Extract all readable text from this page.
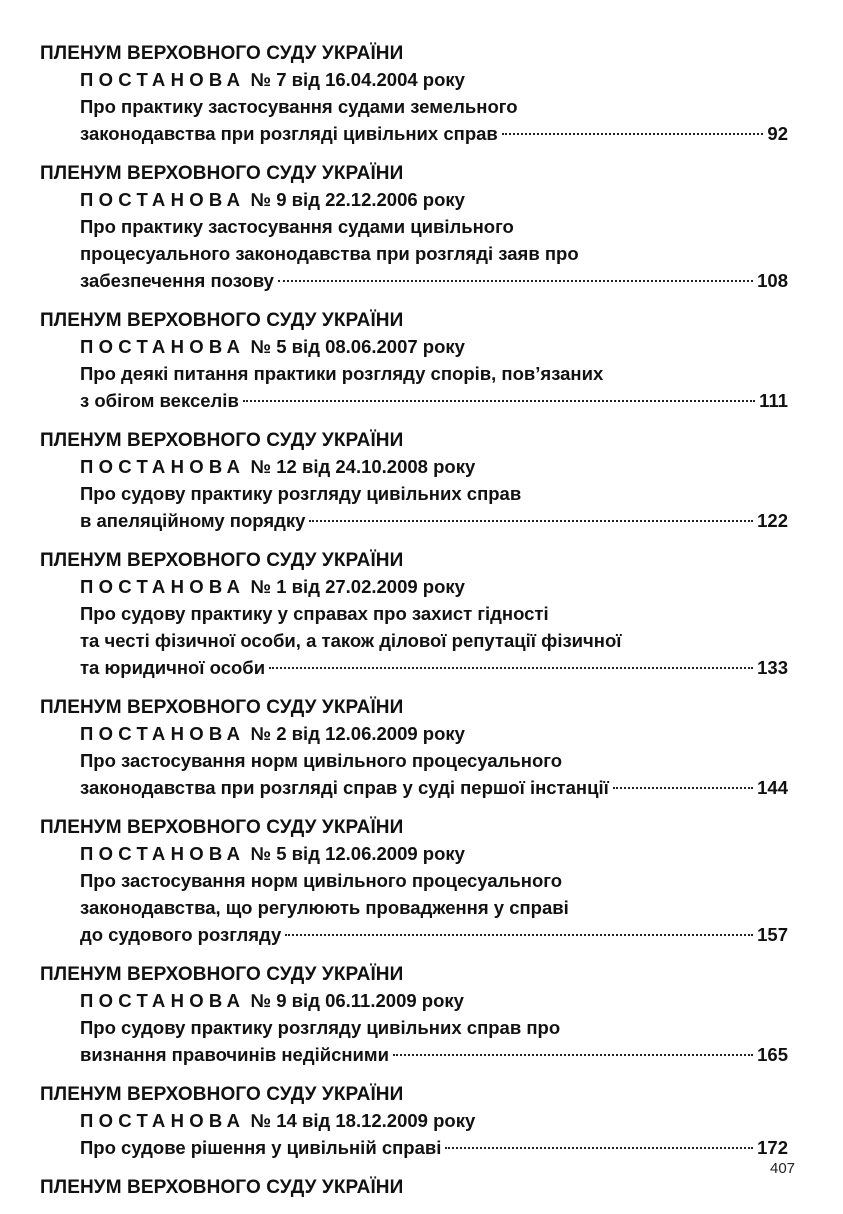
ПЛЕНУМ ВЕРХОВНОГО СУДУ УКРАЇНИ
ПОСТАНОВА № 7 від 16.04.2004 року
Про практику застосування судами земельного
законодавства при розгляді цивільних справ	92
ПЛЕНУМ ВЕРХОВНОГО СУДУ УКРАЇНИ
ПОСТАНОВА № 9 від 22.12.2006 року
Про практику застосування судами цивільного
процесуального законодавства при розгляді заяв про
забезпечення позову	108
ПЛЕНУМ ВЕРХОВНОГО СУДУ УКРАЇНИ
ПОСТАНОВА № 5 від 08.06.2007 року
Про деякі питання практики розгляду спорів, пов’язаних
з обігом векселів	111
ПЛЕНУМ ВЕРХОВНОГО СУДУ УКРАЇНИ
ПОСТАНОВА № 12 від 24.10.2008 року
Про судову практику розгляду цивільних справ
в апеляційному порядку	122
ПЛЕНУМ ВЕРХОВНОГО СУДУ УКРАЇНИ
ПОСТАНОВА № 1 від 27.02.2009 року
Про судову практику у справах про захист гідності
та честі фізичної особи, а також ділової репутації фізичної
та юридичної особи	133
ПЛЕНУМ ВЕРХОВНОГО СУДУ УКРАЇНИ
ПОСТАНОВА № 2 від 12.06.2009 року
Про застосування норм цивільного процесуального
законодавства при розгляді справ у суді першої інстанції	144
ПЛЕНУМ ВЕРХОВНОГО СУДУ УКРАЇНИ
ПОСТАНОВА № 5 від 12.06.2009 року
Про застосування норм цивільного процесуального
законодавства, що регулюють провадження у справі
до судового розгляду	157
ПЛЕНУМ ВЕРХОВНОГО СУДУ УКРАЇНИ
ПОСТАНОВА № 9 від 06.11.2009 року
Про судову практику розгляду цивільних справ про
визнання правочинів недійсними	165
ПЛЕНУМ ВЕРХОВНОГО СУДУ УКРАЇНИ
ПОСТАНОВА № 14 від 18.12.2009 року
Про судове рішення у цивільній справі	172
ПЛЕНУМ ВЕРХОВНОГО СУДУ УКРАЇНИ
407
